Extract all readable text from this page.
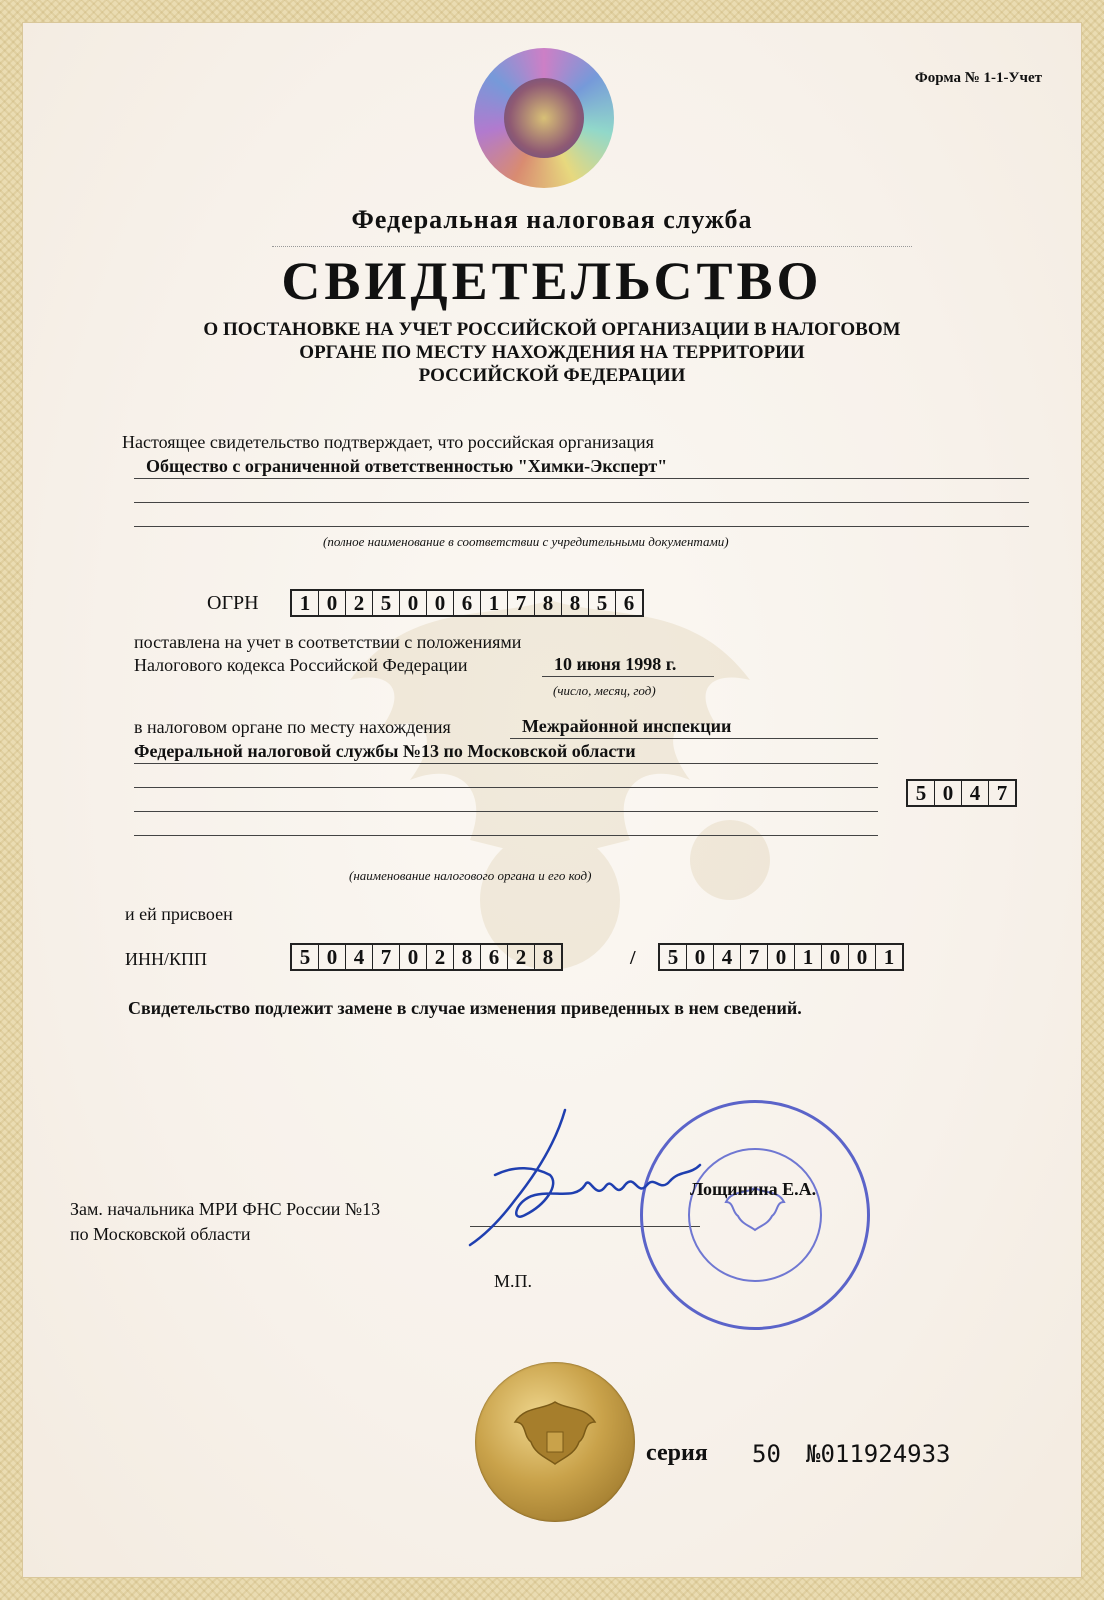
Форма № 1-1-Учет
Федеральная налоговая служба
СВИДЕТЕЛЬСТВО
О ПОСТАНОВКЕ НА УЧЕТ РОССИЙСКОЙ ОРГАНИЗАЦИИ В НАЛОГОВОМ
ОРГАНЕ ПО МЕСТУ НАХОЖДЕНИЯ НА ТЕРРИТОРИИ
РОССИЙСКОЙ ФЕДЕРАЦИИ
Настоящее свидетельство подтверждает, что российская организация
Общество с ограниченной ответственностью "Химки-Эксперт"
(полное наименование в соответствии с учредительными документами)
ОГРН	1 0 2 5 0 0 6 1 7 8 8 5 6
поставлена на учет в соответствии с положениями
Налогового кодекса Российской Федерации	10 июня 1998 г.
(число, месяц, год)
в налоговом органе по месту нахождения	Межрайонной инспекции
Федеральной налоговой службы №13 по Московской области
5 0 4 7
(наименование налогового органа и его код)
и ей присвоен
ИНН/КПП	5 0 4 7 0 2 8 6 2 8	/	5 0 4 7 0 1 0 0 1
Свидетельство подлежит замене в случае изменения приведенных в нем сведений.
Зам. начальника МРИ ФНС России №13
по Московской области
Лощинина Е.А.
М.П.
серия 50 №011924933
